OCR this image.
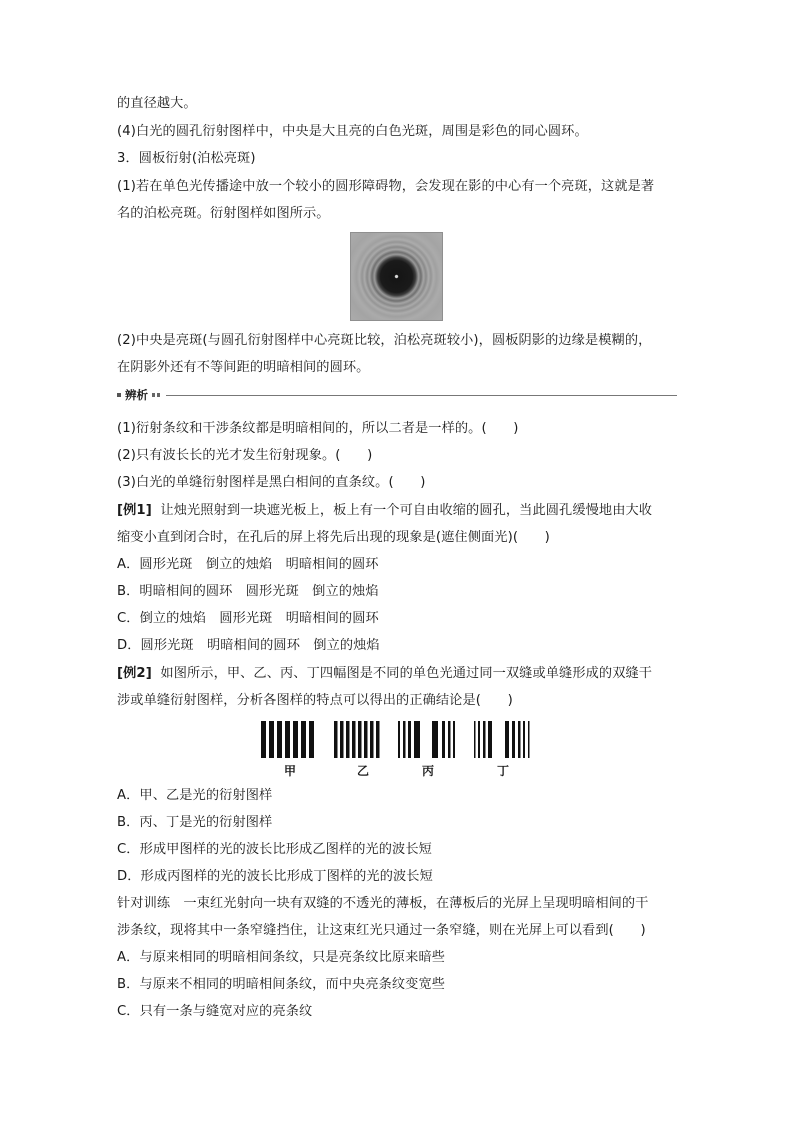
的直径越大。
(4)白光的圆孔衍射图样中，中央是大且亮的白色光斑，周围是彩色的同心圆环。
3．圆板衍射(泊松亮斑)
(1)若在单色光传播途中放一个较小的圆形障碍物，会发现在影的中心有一个亮斑，这就是著
名的泊松亮斑。衍射图样如图所示。
(2)中央是亮斑(与圆孔衍射图样中心亮斑比较，泊松亮斑较小)，圆板阴影的边缘是模糊的，
在阴影外还有不等间距的明暗相间的圆环。
辨析
(1)衍射条纹和干涉条纹都是明暗相间的，所以二者是一样的。(　　)
(2)只有波长长的光才发生衍射现象。(　　)
(3)白光的单缝衍射图样是黑白相间的直条纹。(　　)
[例1] 让烛光照射到一块遮光板上，板上有一个可自由收缩的圆孔，当此圆孔缓慢地由大收
缩变小直到闭合时，在孔后的屏上将先后出现的现象是(遮住侧面光)(　　)
A．圆形光斑　倒立的烛焰　明暗相间的圆环
B．明暗相间的圆环　圆形光斑　倒立的烛焰
C．倒立的烛焰　圆形光斑　明暗相间的圆环
D．圆形光斑　明暗相间的圆环　倒立的烛焰
[例2] 如图所示，甲、乙、丙、丁四幅图是不同的单色光通过同一双缝或单缝形成的双缝干
涉或单缝衍射图样，分析各图样的特点可以得出的正确结论是(　　)
甲	乙	丙	丁
A．甲、乙是光的衍射图样
B．丙、丁是光的衍射图样
C．形成甲图样的光的波长比形成乙图样的光的波长短
D．形成丙图样的光的波长比形成丁图样的光的波长短
针对训练　一束红光射向一块有双缝的不透光的薄板，在薄板后的光屏上呈现明暗相间的干
涉条纹，现将其中一条窄缝挡住，让这束红光只通过一条窄缝，则在光屏上可以看到(　　)
A．与原来相同的明暗相间条纹，只是亮条纹比原来暗些
B．与原来不相同的明暗相间条纹，而中央亮条纹变宽些
C．只有一条与缝宽对应的亮条纹
